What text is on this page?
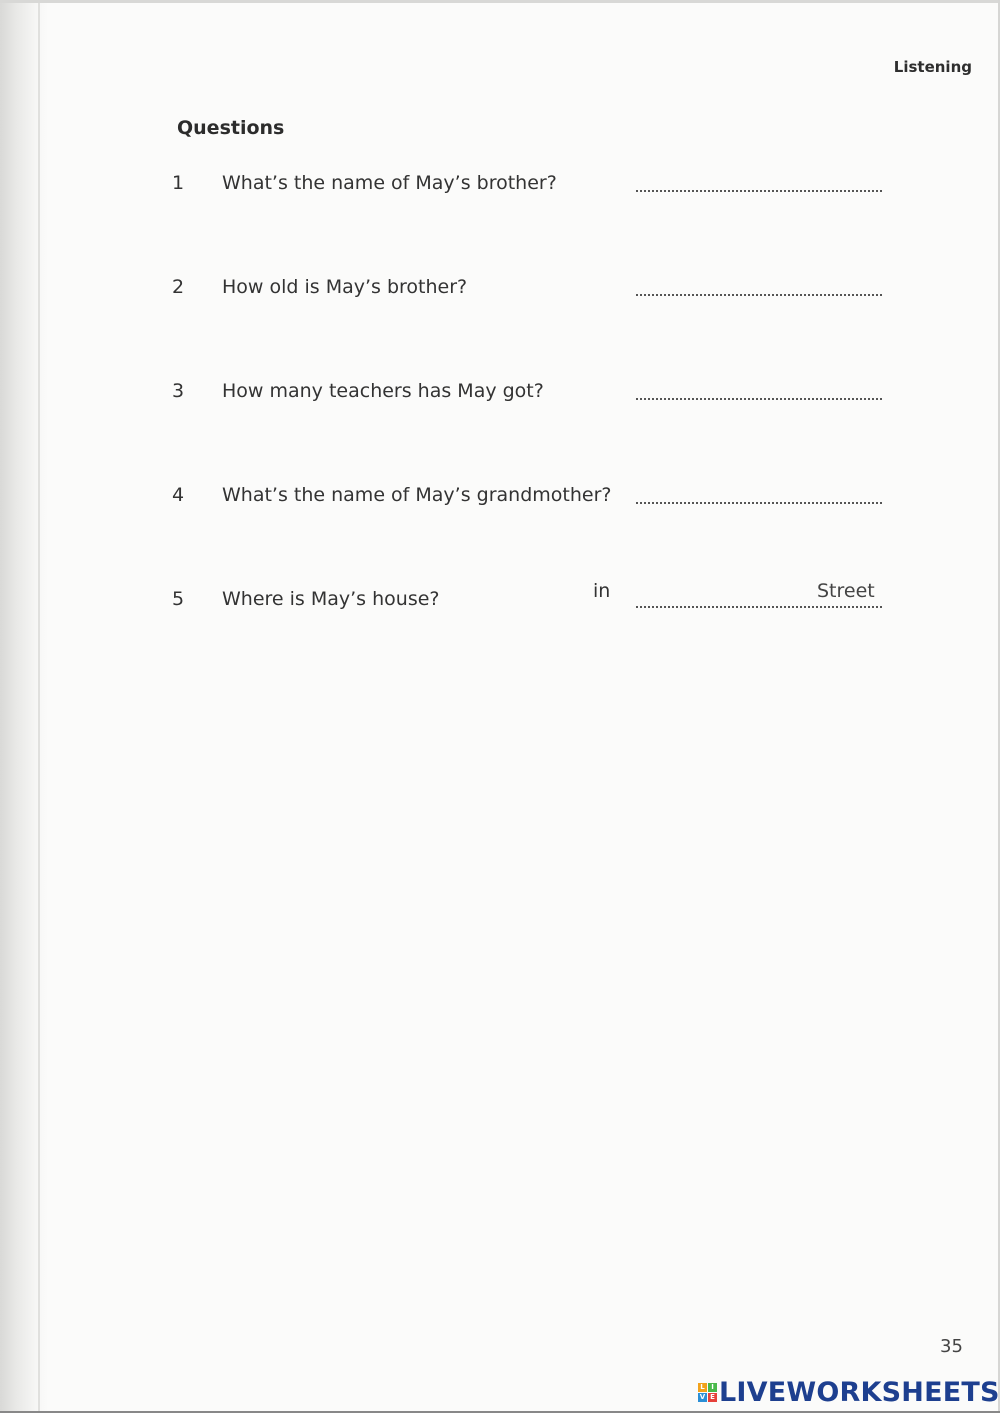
Listening
Questions
1 What’s the name of May’s brother?
2 How old is May’s brother?
3 How many teachers has May got?
4 What’s the name of May’s grandmother?
5 Where is May’s house?	in	Street
35
L I
V E LIVEWORKSHEETS
